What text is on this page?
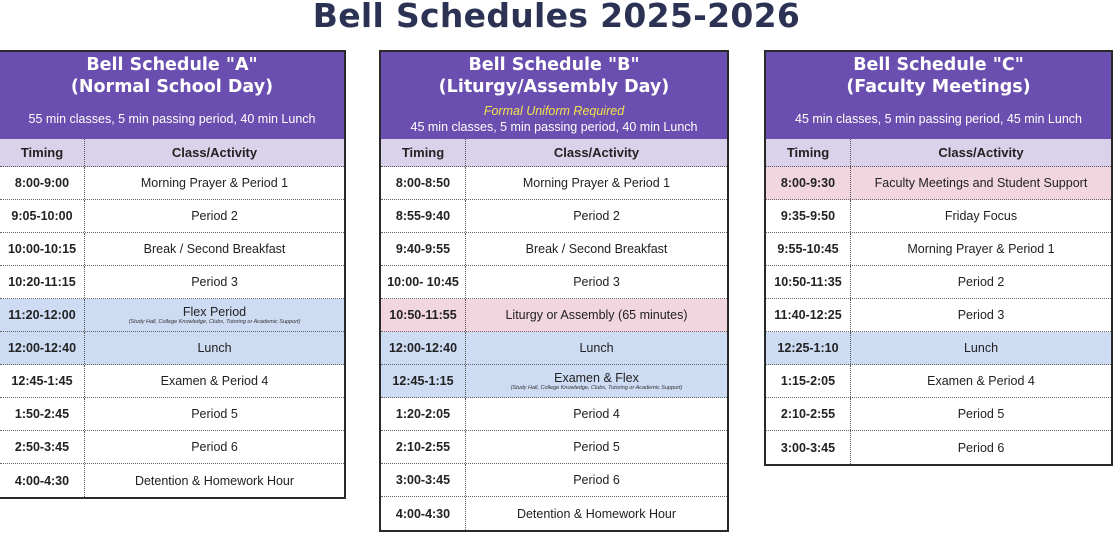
Bell Schedules 2025-2026
Bell Schedule "A"
(Normal School Day)
55 min classes, 5 min passing period, 40 min Lunch
Timing	Class/Activity
8:00-9:00	Morning Prayer & Period 1
9:05-10:00	Period 2
10:00-10:15	Break / Second Breakfast
10:20-11:15	Period 3
11:20-12:00	Flex Period
(Study Hall, College Knowledge, Clubs, Tutoring or Academic Support)
12:00-12:40	Lunch
12:45-1:45	Examen & Period 4
1:50-2:45	Period 5
2:50-3:45	Period 6
4:00-4:30	Detention & Homework Hour
Bell Schedule "B"
(Liturgy/Assembly Day)
Formal Uniform Required
45 min classes, 5 min passing period, 40 min Lunch
Timing	Class/Activity
8:00-8:50	Morning Prayer & Period 1
8:55-9:40	Period 2
9:40-9:55	Break / Second Breakfast
10:00- 10:45	Period 3
10:50-11:55	Liturgy or Assembly (65 minutes)
12:00-12:40	Lunch
12:45-1:15	Examen & Flex
(Study Hall, College Knowledge, Clubs, Tutoring or Academic Support)
1:20-2:05	Period 4
2:10-2:55	Period 5
3:00-3:45	Period 6
4:00-4:30	Detention & Homework Hour
Bell Schedule "C"
(Faculty Meetings)
45 min classes, 5 min passing period, 45 min Lunch
Timing	Class/Activity
8:00-9:30	Faculty Meetings and Student Support
9:35-9:50	Friday Focus
9:55-10:45	Morning Prayer & Period 1
10:50-11:35	Period 2
11:40-12:25	Period 3
12:25-1:10	Lunch
1:15-2:05	Examen & Period 4
2:10-2:55	Period 5
3:00-3:45	Period 6
